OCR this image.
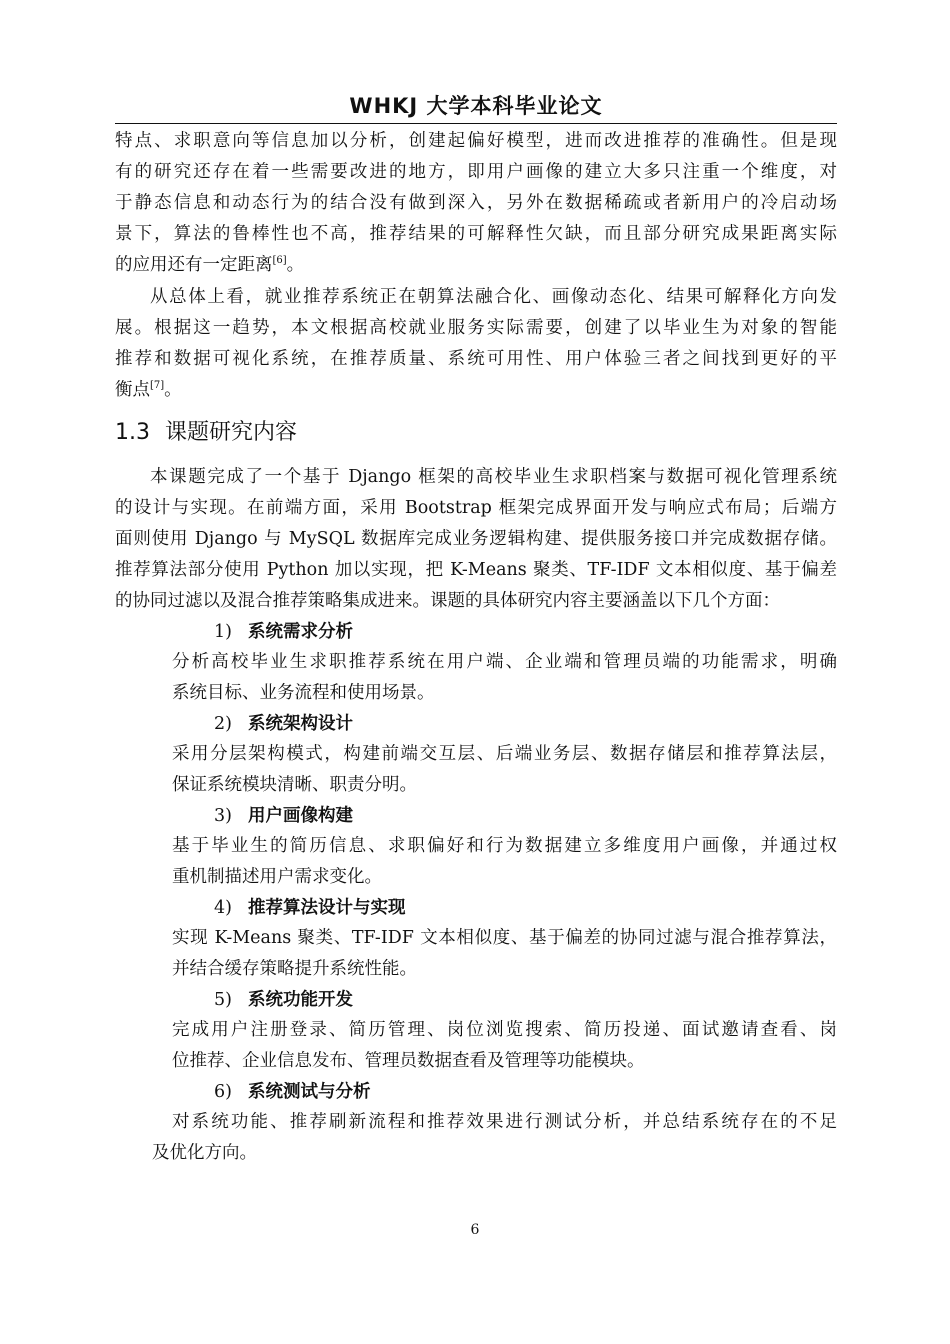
WHKJ 大学本科毕业论文
特点、求职意向等信息加以分析，创建起偏好模型，进而改进推荐的准确性。但是现
有的研究还存在着一些需要改进的地方，即用户画像的建立大多只注重一个维度，对
于静态信息和动态行为的结合没有做到深入，另外在数据稀疏或者新用户的冷启动场
景下，算法的鲁棒性也不高，推荐结果的可解释性欠缺，而且部分研究成果距离实际
的应用还有一定距离[6]。
从总体上看，就业推荐系统正在朝算法融合化、画像动态化、结果可解释化方向发
展。根据这一趋势，本文根据高校就业服务实际需要，创建了以毕业生为对象的智能
推荐和数据可视化系统，在推荐质量、系统可用性、用户体验三者之间找到更好的平
衡点[7]。
1.3 课题研究内容
本课题完成了一个基于 Django 框架的高校毕业生求职档案与数据可视化管理系统
的设计与实现。在前端方面，采用 Bootstrap 框架完成界面开发与响应式布局；后端方
面则使用 Django 与 MySQL 数据库完成业务逻辑构建、提供服务接口并完成数据存储。
推荐算法部分使用 Python 加以实现，把 K-Means 聚类、TF-IDF 文本相似度、基于偏差
的协同过滤以及混合推荐策略集成进来。课题的具体研究内容主要涵盖以下几个方面：
1) 系统需求分析
分析高校毕业生求职推荐系统在用户端、企业端和管理员端的功能需求，明确
系统目标、业务流程和使用场景。
2) 系统架构设计
采用分层架构模式，构建前端交互层、后端业务层、数据存储层和推荐算法层，
保证系统模块清晰、职责分明。
3) 用户画像构建
基于毕业生的简历信息、求职偏好和行为数据建立多维度用户画像，并通过权
重机制描述用户需求变化。
4) 推荐算法设计与实现
实现 K-Means 聚类、TF-IDF 文本相似度、基于偏差的协同过滤与混合推荐算法，
并结合缓存策略提升系统性能。
5) 系统功能开发
完成用户注册登录、简历管理、岗位浏览搜索、简历投递、面试邀请查看、岗
位推荐、企业信息发布、管理员数据查看及管理等功能模块。
6) 系统测试与分析
对系统功能、推荐刷新流程和推荐效果进行测试分析，并总结系统存在的不足
及优化方向。
6
